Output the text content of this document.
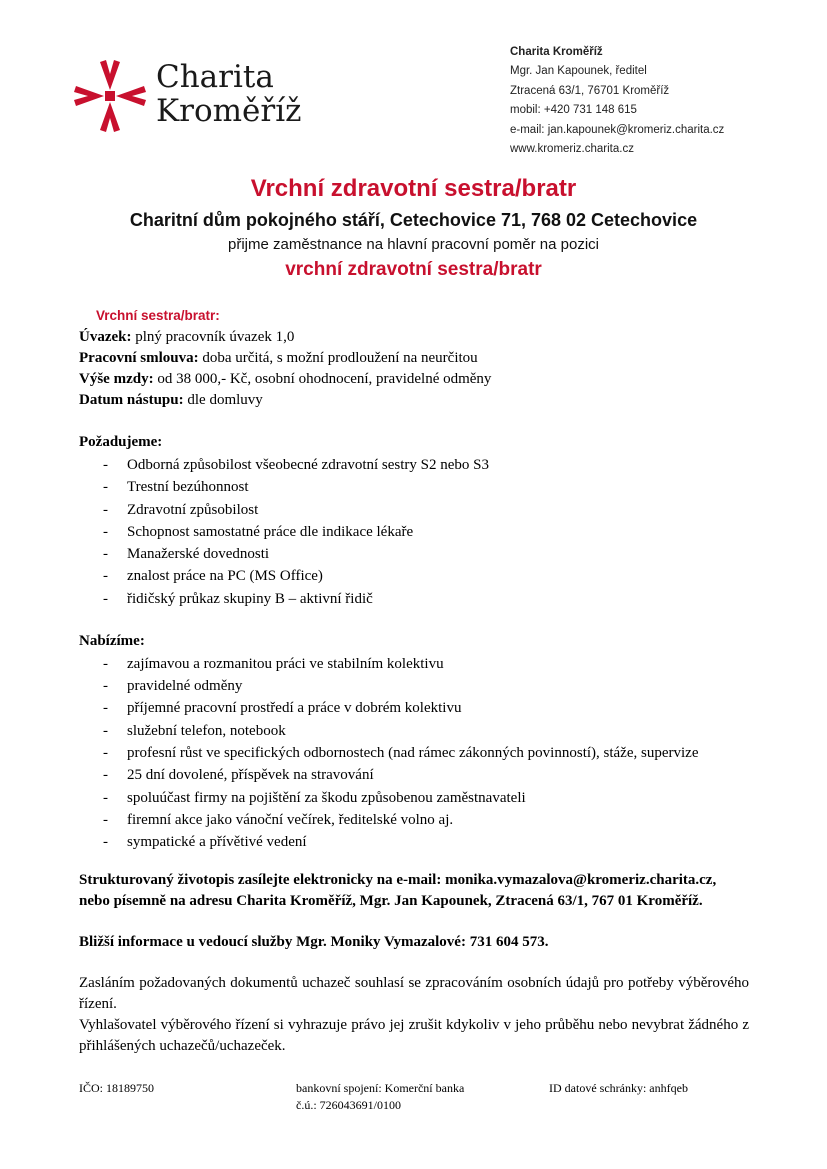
Charita
Kroměříž
Charita Kroměříž
Mgr. Jan Kapounek, ředitel
Ztracená 63/1, 76701 Kroměříž
mobil: +420 731 148 615
e-mail: jan.kapounek@kromeriz.charita.cz
www.kromeriz.charita.cz
Vrchní zdravotní sestra/bratr
Charitní dům pokojného stáří, Cetechovice 71, 768 02 Cetechovice
přijme zaměstnance na hlavní pracovní poměr na pozici
vrchní zdravotní sestra/bratr
Vrchní sestra/bratr:
Úvazek: plný pracovník úvazek 1,0
Pracovní smlouva: doba určitá, s možní prodloužení na neurčitou
Výše mzdy: od 38 000,- Kč, osobní ohodnocení, pravidelné odměny
Datum nástupu: dle domluvy
Požadujeme:
- Odborná způsobilost všeobecné zdravotní sestry S2 nebo S3
- Trestní bezúhonnost
- Zdravotní způsobilost
- Schopnost samostatné práce dle indikace lékaře
- Manažerské dovednosti
- znalost práce na PC (MS Office)
- řidičský průkaz skupiny B – aktivní řidič
Nabízíme:
- zajímavou a rozmanitou práci ve stabilním kolektivu
- pravidelné odměny
- příjemné pracovní prostředí a práce v dobrém kolektivu
- služební telefon, notebook
- profesní růst ve specifických odbornostech (nad rámec zákonných povinností), stáže, supervize
- 25 dní dovolené, příspěvek na stravování
- spoluúčast firmy na pojištění za škodu způsobenou zaměstnavateli
- firemní akce jako vánoční večírek, ředitelské volno aj.
- sympatické a přívětivé vedení
Strukturovaný životopis zasílejte elektronicky na e-mail: monika.vymazalova@kromeriz.charita.cz, nebo písemně na adresu Charita Kroměříž, Mgr. Jan Kapounek, Ztracená 63/1, 767 01 Kroměříž.
Bližší informace u vedoucí služby Mgr. Moniky Vymazalové: 731 604 573.
Zasláním požadovaných dokumentů uchazeč souhlasí se zpracováním osobních údajů pro potřeby výběrového řízení.
Vyhlašovatel výběrového řízení si vyhrazuje právo jej zrušit kdykoliv v jeho průběhu nebo nevybrat žádného z přihlášených uchazečů/uchazeček.
IČO: 18189750	bankovní spojení: Komerční banka
č.ú.: 726043691/0100
ID datové schránky: anhfqeb
